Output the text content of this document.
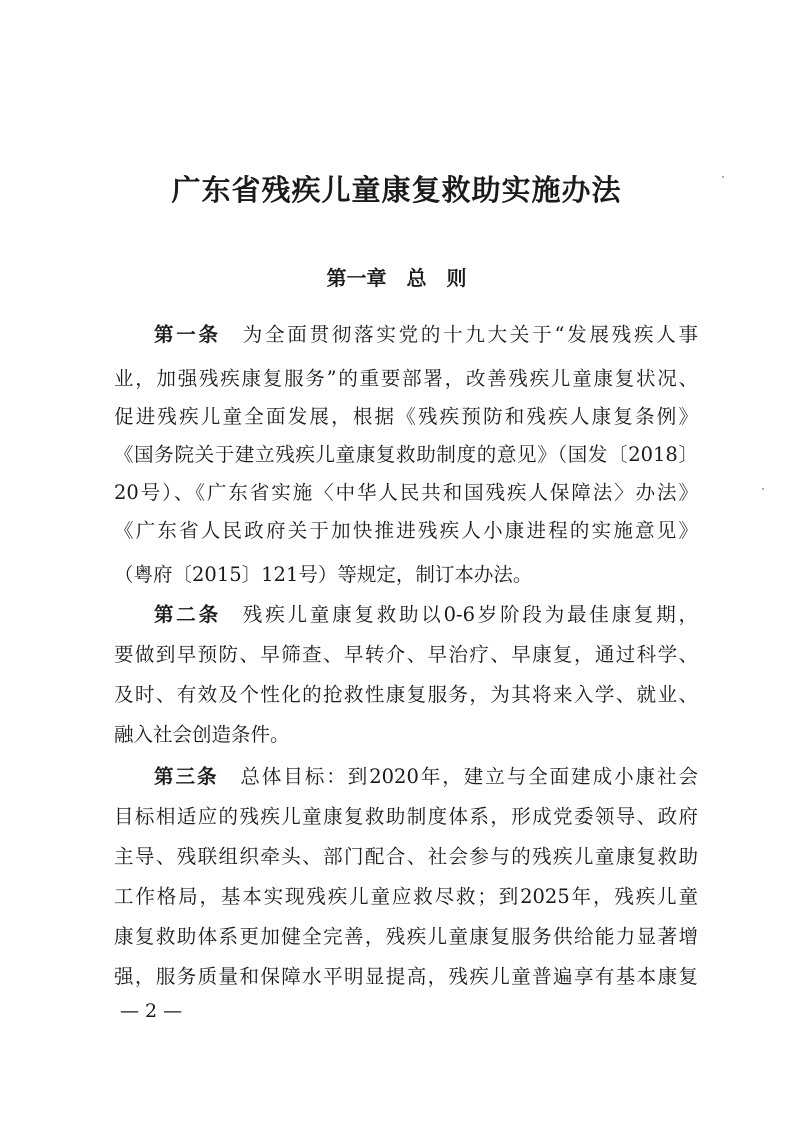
广东省残疾儿童康复救助实施办法
第一章　总　则
第一条 为全面贯彻落实党的十九大关于“发展残疾人事
业，加强残疾康复服务”的重要部署，改善残疾儿童康复状况、
促进残疾儿童全面发展，根据《残疾预防和残疾人康复条例》
《国务院关于建立残疾儿童康复救助制度的意见》（国发〔2018〕
20号）、《广东省实施〈中华人民共和国残疾人保障法〉办法》
《广东省人民政府关于加快推进残疾人小康进程的实施意见》
（粤府〔2015〕121号）等规定，制订本办法。
第二条 残疾儿童康复救助以0-6岁阶段为最佳康复期，
要做到早预防、早筛查、早转介、早治疗、早康复，通过科学、
及时、有效及个性化的抢救性康复服务，为其将来入学、就业、
融入社会创造条件。
第三条 总体目标：到2020年，建立与全面建成小康社会
目标相适应的残疾儿童康复救助制度体系，形成党委领导、政府
主导、残联组织牵头、部门配合、社会参与的残疾儿童康复救助
工作格局，基本实现残疾儿童应救尽救；到2025年，残疾儿童
康复救助体系更加健全完善，残疾儿童康复服务供给能力显著增
强，服务质量和保障水平明显提高，残疾儿童普遍享有基本康复
— 2 —
